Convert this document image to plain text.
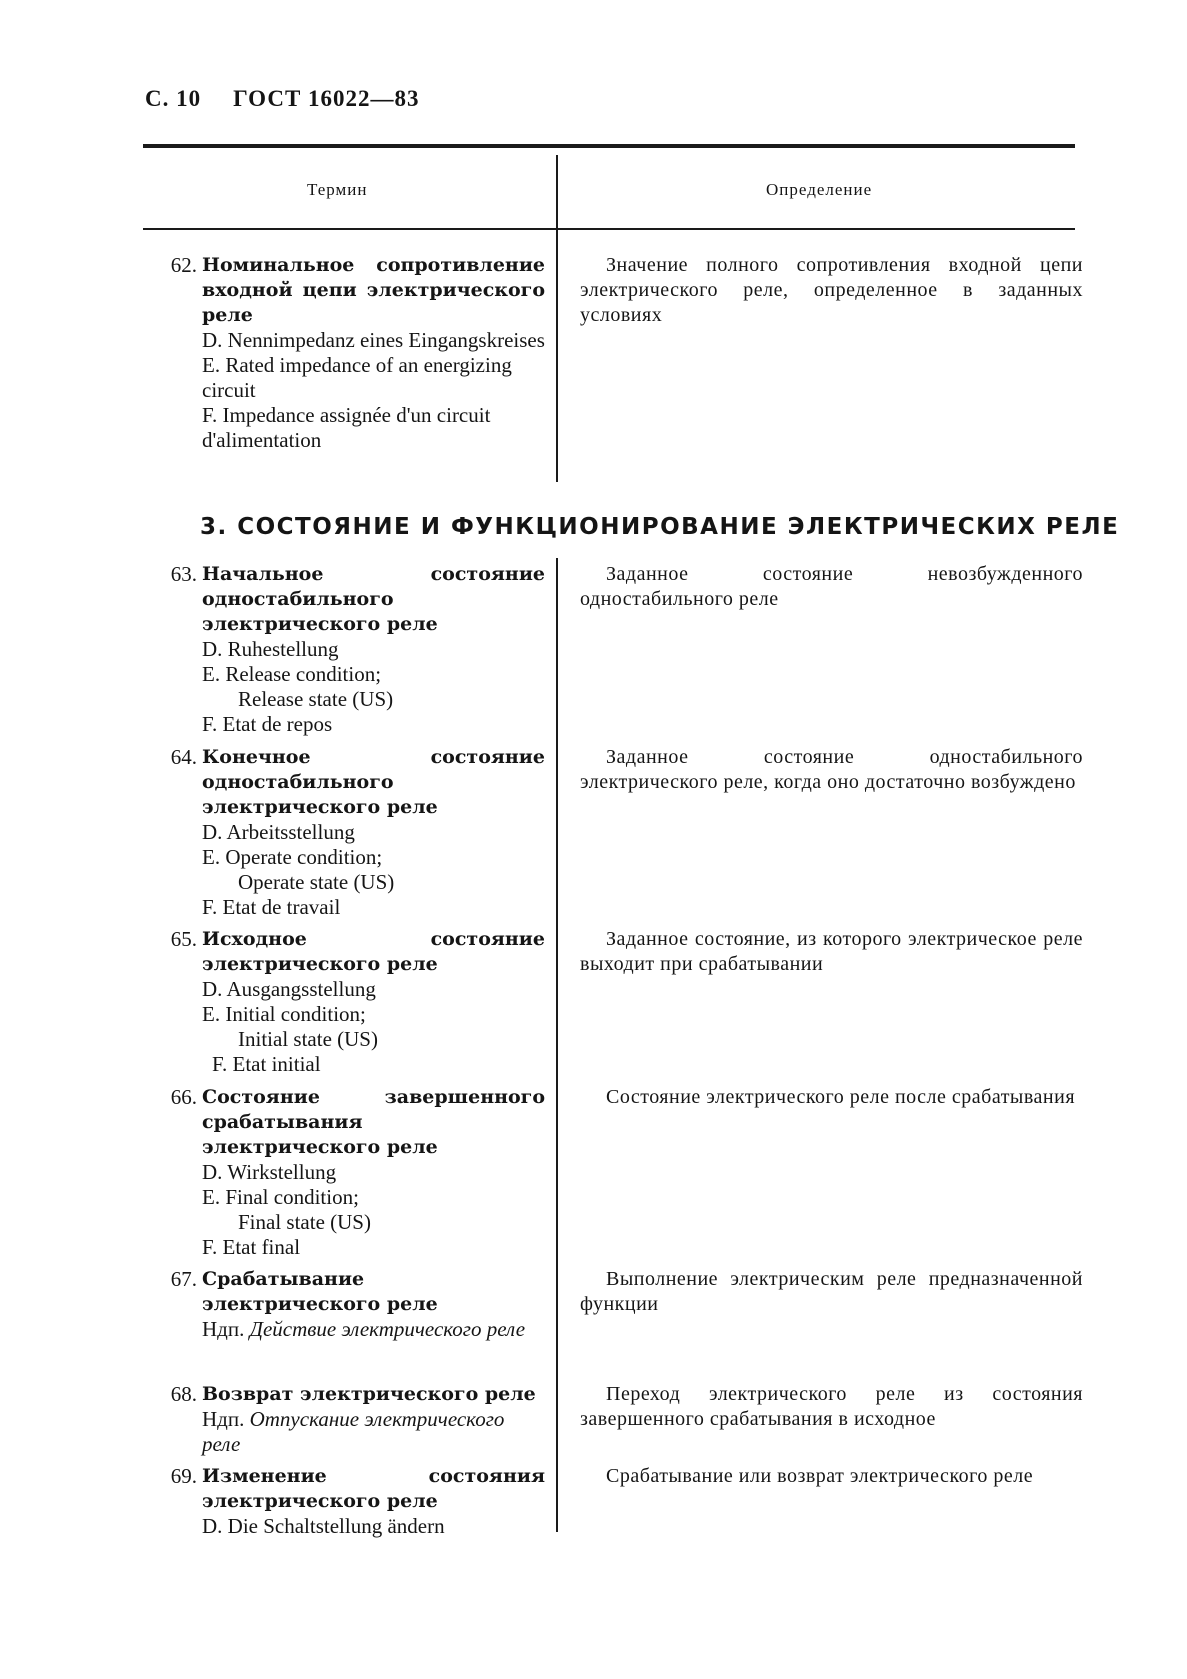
С. 10 ГОСТ 16022—83
Термин	Определение
62. Номинальное сопротивление входной цепи электрического реле
D. Nennimpedanz eines Eingangskreises
E. Rated impedance of an energizing circuit
F. Impedance assignée d'un circuit d'alimentation
Значение полного сопротивления входной цепи электрического реле, определенное в заданных условиях
3. СОСТОЯНИЕ И ФУНКЦИОНИРОВАНИЕ ЭЛЕКТРИЧЕСКИХ РЕЛЕ
63. Начальное состояние одностабильного электрического реле
D. Ruhestellung
E. Release condition;
Release state (US)
F. Etat de repos
Заданное состояние невозбужденного одностабильного реле
64. Конечное состояние одностабильного электрического реле
D. Arbeitsstellung
E. Operate condition;
Operate state (US)
F. Etat de travail
Заданное состояние одностабильного электрического реле, когда оно достаточно возбуждено
65. Исходное состояние электрического реле
D. Ausgangsstellung
E. Initial condition;
Initial state (US)
F. Etat initial
Заданное состояние, из которого электрическое реле выходит при срабатывании
66. Состояние завершенного срабатывания электрического реле
D. Wirkstellung
E. Final condition;
Final state (US)
F. Etat final
Состояние электрического реле после срабатывания
67. Срабатывание электрического реле
Ндп. Действие электрического реле
Выполнение электрическим реле предназначенной функции
68. Возврат электрического реле
Ндп. Отпускание электрического реле
Переход электрического реле из состояния завершенного срабатывания в исходное
69. Изменение состояния электрического реле
D. Die Schaltstellung ändern
Срабатывание или возврат электрического реле
